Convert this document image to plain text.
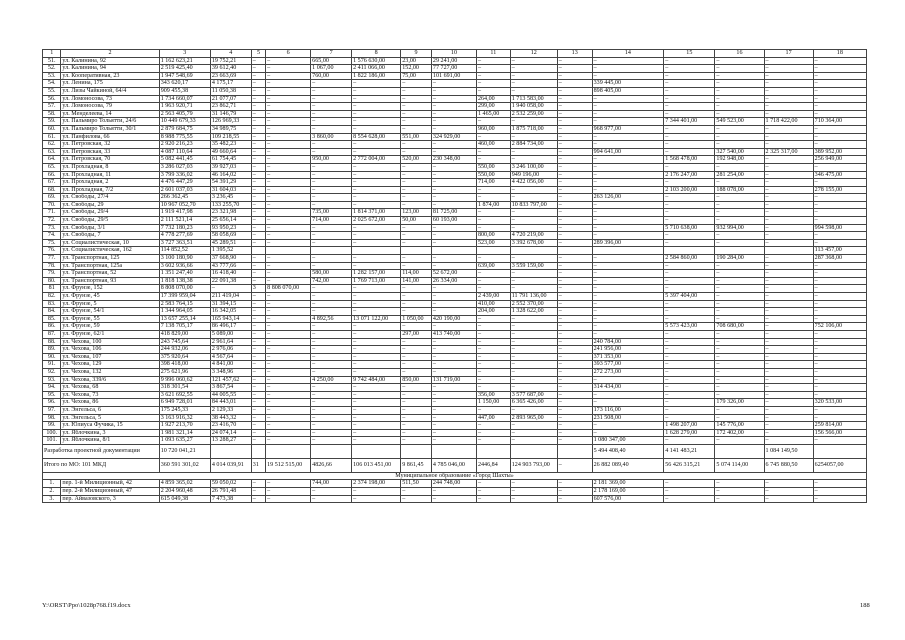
1	2	3	4	5	6	7	8	9	10	11	12	13	14	15	16	17	18
51.	ул. Калинина, 92	1 162 623,21	19 752,21	–	–	665,00	1 576 630,00	23,00	29 241,00	–	–	–	–	–	–	–	–
52.	ул. Калинина, 94	2 519 425,40	39 612,40	–	–	1 067,00	2 411 066,00	152,00	77 727,00	–	–	–	–	–	–	–	–
53.	ул. Кооперативная, 23	1 947 548,69	23 663,69	–	–	760,00	1 822 186,00	75,00	101 691,00	–	–	–	–	–	–	–	–
54.	ул. Ленина, 175	343 620,17	4 175,17	–	–	–	–	–	–	–	–	–	339 445,00	–	–	–	–
55.	ул. Лизы Чайкиной, 64/4	909 455,38	11 050,38	–	–	–	–	–	–	–	–	–	898 405,00	–	–	–	–
56.	ул. Ломоносова, 73	1 734 660,07	21 077,07	–	–	–	–	–	–	264,00	1 713 583,00	–	–	–	–	–	–
57.	ул. Ломоносова, 79	1 963 920,71	23 862,71	–	–	–	–	–	–	299,00	1 940 058,00	–	–	–	–	–	–
58.	ул. Менделеева, 14	2 563 405,79	31 146,79	–	–	–	–	–	–	1 465,00	2 532 259,00	–	–	–	–	–	–
59.	ул. Пальмиро Тольятти, 24/6	10 449 679,33	126 969,33	–	–	–	–	–	–	–	–	–	–	7 344 401,00	549 523,00	1 718 422,00	710 364,00
60.	ул. Пальмиро Тольятти, 30/1	2 879 684,75	34 989,75	–	–	–	–	–	–	960,00	1 875 718,00	–	968 977,00	–	–	–	–
61.	ул. Панфилова, 66	8 988 775,55	109 218,55	–	–	3 860,00	8 554 628,00	551,00	324 929,00	–	–	–	–	–	–	–	–
62.	ул. Петровская, 32	2 920 216,23	35 482,23	–	–	–	–	–	–	460,00	2 884 734,00	–	–	–	–	–	–
63.	ул. Петровская, 33	4 087 110,64	49 660,64	–	–	–	–	–	–	–	–	–	994 641,00	–	327 540,00	2 325 317,00	389 952,00
64.	ул. Петровская, 70	5 082 441,45	61 754,45	–	–	950,00	2 772 004,00	520,00	230 348,00	–	–	–	–	1 568 478,00	192 948,00	–	256 949,00
65.	ул. Прохладная, 8	3 286 027,03	39 927,03	–	–	–	–	–	–	550,00	3 246 100,00	–	–	–	–	–	–
66.	ул. Прохладная, 11	3 799 336,02	46 164,02	–	–	–	–	–	–	550,00	949 196,00	–	–	2 176 247,00	281 254,00	–	346 475,00
67.	ул. Прохладная, 2	4 476 447,29	54 391,29	–	–	–	–	–	–	714,00	4 422 056,00	–	–	–	–	–	–
68.	ул. Прохладная, 7/2	2 601 037,03	31 604,03	–	–	–	–	–	–	–	–	–	–	2 103 200,00	188 078,00	–	278 155,00
69.	ул. Свободы, 27/4	266 362,45	3 236,45	–	–	–	–	–	–	–	–	–	263 126,00	–	–	–	–
70.	ул. Свободы, 29	10 967 052,70	133 255,70	–	–	–	–	–	–	1 874,00	10 833 797,00	–	–	–	–	–	–
71.	ул. Свободы, 29/4	1 919 417,98	23 321,98	–	–	735,00	1 814 371,00	123,00	81 725,00	–	–	–	–	–	–	–	–
72.	ул. Свободы, 29/5	2 111 521,14	25 656,14	–	–	714,00	2 025 672,00	50,00	60 193,00	–	–	–	–	–	–	–	–
73.	ул. Свободы, 3/1	7 732 180,23	93 950,23	–	–	–	–	–	–	–	–	–	–	5 710 638,00	932 994,00	–	994 598,00
74.	ул. Свободы, 7	4 778 277,69	58 058,69	–	–	–	–	–	–	800,00	4 720 219,00	–	–	–	–	–	–
75.	ул. Социалистическая, 10	3 727 363,51	45 289,51	–	–	–	–	–	–	523,00	3 392 678,00	–	289 396,00	–	–	–	–
76.	ул. Социалистическая, 162	114 852,52	1 395,52														113 457,00
77.	ул. Транспортная, 125	3 100 180,90	37 668,90	–	–	–	–	–	–	–	–	–	–	2 584 860,00	190 284,00	–	287 368,00
78.	ул. Транспортная, 125а	3 602 936,66	43 777,66	–	–	–	–	–	–	639,00	3 559 159,00	–	–	–	–	–	–
79.	ул. Транспортная, 52	1 351 247,40	16 418,40	–	–	580,00	1 282 157,00	114,00	52 672,00	–	–	–	–	–	–	–	–
80.	ул. Транспортная, 93	1 818 138,38	22 091,38	–	–	742,00	1 769 713,00	141,00	26 334,00	–	–	–	–	–	–	–	–
81	ул. Фрунзе, 152	8 808 070,00	–	3	8 808 070,00	–	–	–	–	–	–	–	–	–	–	–	–
82.	ул. Фрунзе, 45	17 399 959,04	211 419,04	–	–	–	–	–	–	2 439,00	11 791 136,00	–	–	5 397 404,00	–	–	–
83.	ул. Фрунзе, 5	2 583 764,15	31 394,15	–	–	–	–	–	–	410,00	2 552 370,00	–	–	–	–	–	–
84.	ул. Фрунзе, 54/1	1 344 964,05	16 342,05	–	–	–	–	–	–	204,00	1 328 622,00	–	–	–	–	–	–
85.	ул. Фрунзе, 55	13 657 255,14	165 943,14	–	–	4 892,56	13 071 122,00	1 050,00	420 190,00	–	–	–	–	–	–	–	–
86.	ул. Фрунзе, 59	7 138 705,17	86 496,17	–	–	–	–	–	–	–	–	–	–	5 573 423,00	708 680,00	–	752 106,00
87.	ул. Фрунзе, 62/1	418 829,00	5 089,00	–	–	–	–	297,00	413 740,00	–	–	–	–	–	–	–	–
88.	ул. Чехова, 100	243 745,64	2 961,64	–	–	–	–	–	–	–	–	–	240 784,00	–	–	–	–
89.	ул. Чехова, 106	244 932,06	2 976,06	–	–	–	–	–	–	–	–	–	241 956,00	–	–	–	–
90.	ул. Чехова, 107	375 920,64	4 567,64	–	–	–	–	–	–	–	–	–	371 353,00	–	–	–	–
91.	ул. Чехова, 129	398 418,00	4 841,00	–	–	–	–	–	–	–	–	–	393 577,00	–	–	–	–
92.	ул. Чехова, 132	275 621,96	3 348,96	–	–	–	–	–	–	–	–	–	272 273,00	–	–	–	–
93.	ул. Чехова, 339/6	9 996 060,62	121 457,62	–	–	4 250,00	9 742 484,00	850,00	131 719,00	–	–	–	–	–	–	–	–
94.	ул. Чехова, 68	318 301,54	3 867,54	–	–	–	–	–	–	–	–	–	314 434,00	–	–	–	–
95.	ул. Чехова, 73	3 621 692,55	44 005,55	–	–	–	–	–	–	356,00	3 577 687,00	–	–	–	–	–	–
96.	ул. Чехова, 86	6 949 728,01	84 443,01	–	–	–	–	–	–	1 150,00	6 365 426,00	–	–	–	179 326,00	–	320 533,00
97.	ул. Энгельса, 6	175 245,33	2 129,33	–	–	–	–	–	–	–	–	–	173 116,00	–	–	–	–
98.	ул. Энгельса, 5	3 163 916,32	38 443,32	–	–	–	–	–	–	447,00	2 893 965,00	–	231 508,00	–	–	–	–
99.	ул. Юлиуса Фучика, 15	1 927 213,70	23 416,70	–	–	–	–	–	–	–	–	–	–	1 498 207,00	145 776,00	–	259 814,00
100.	ул. Яблочкина, 3	1 981 321,14	24 074,14	–	–	–	–	–	–	–	–	–	–	1 628 279,00	172 402,00	–	156 566,00
101.	ул. Яблочкина, 8/1	1 093 635,27	13 288,27	–	–	–	–	–	–	–	–	–	1 080 347,00	–	–	–	–
Разработка проектной документации		10 720 041,21											5 494 408,40	4 141 483,21		1 084 149,50	
Итого по МО: 101 МКД		360 591 301,02	4 014 039,91	31	19 512 515,00	4826,66	106 013 451,00	9 861,45	4 785 046,00	2446,84	124 903 793,00	–	26 882 089,40	56 426 315,21	5 074 114,00	6 745 880,50	6254057,00
Муниципальное образование «Город Шахты»																	
1.	пер. 1-й Милиционный, 42	4 859 365,02	59 050,02	–	–	744,00	2 374 198,00	511,50	244 748,00	–	–	–	2 181 369,00	–	–	–	–
2.	пер. 2-й Милиционный, 47	2 204 960,48	26 791,48	–	–	–	–	–	–	–	–	–	2 178 169,00	–	–	–	–
3.	пер. Айвазовского, 3	615 049,38	7 473,38	–	–	–	–	–	–	–	–	–	607 576,00	–	–	–	–
Y:\ORST\Ppo\1028p768.f19.docx	188
